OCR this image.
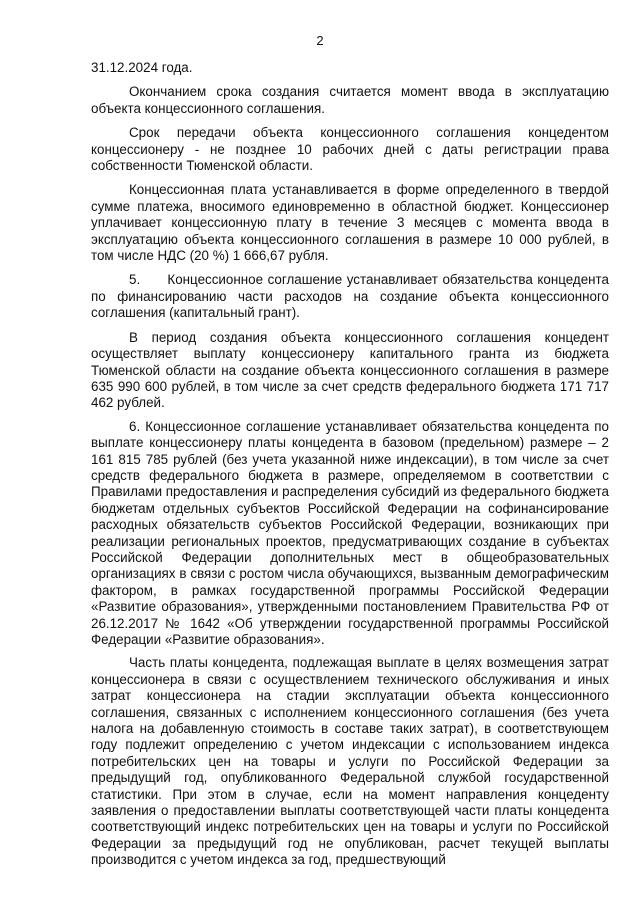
2

31.12.2024 года.

Окончанием срока создания считается момент ввода в эксплуатацию объекта концессионного соглашения.

Срок передачи объекта концессионного соглашения концедентом концессионеру - не позднее 10 рабочих дней с даты регистрации права собственности Тюменской области.

Концессионная плата устанавливается в форме определенного в твердой сумме платежа, вносимого единовременно в областной бюджет. Концессионер уплачивает концессионную плату в течение 3 месяцев с момента ввода в эксплуатацию объекта концессионного соглашения в размере 10 000 рублей, в том числе НДС (20 %) 1 666,67 рубля.

5.      Концессионное соглашение устанавливает обязательства концедента по финансированию части расходов на создание объекта концессионного соглашения (капитальный грант).

В период создания объекта концессионного соглашения концедент осуществляет выплату концессионеру капитального гранта из бюджета Тюменской области на создание объекта концессионного соглашения в размере 635 990 600 рублей, в том числе за счет средств федерального бюджета 171 717 462 рублей.

6. Концессионное соглашение устанавливает обязательства концедента по выплате концессионеру платы концедента в базовом (предельном) размере – 2 161 815 785 рублей (без учета указанной ниже индексации), в том числе за счет средств федерального бюджета в размере, определяемом в соответствии с Правилами предоставления и распределения субсидий из федерального бюджета бюджетам отдельных субъектов Российской Федерации на софинансирование расходных обязательств субъектов Российской Федерации, возникающих при реализации региональных проектов, предусматривающих создание в субъектах Российской Федерации дополнительных мест в общеобразовательных организациях в связи с ростом числа обучающихся, вызванным демографическим фактором, в рамках государственной программы Российской Федерации «Развитие образования», утвержденными постановлением Правительства РФ от 26.12.2017 № 1642 «Об утверждении государственной программы Российской Федерации «Развитие образования».

Часть платы концедента, подлежащая выплате в целях возмещения затрат концессионера в связи с осуществлением технического обслуживания и иных затрат концессионера на стадии эксплуатации объекта концессионного соглашения, связанных с исполнением концессионного соглашения (без учета налога на добавленную стоимость в составе таких затрат), в соответствующем году подлежит определению с учетом индексации с использованием индекса потребительских цен на товары и услуги по Российской Федерации за предыдущий год, опубликованного Федеральной службой государственной статистики. При этом в случае, если на момент направления концеденту заявления о предоставлении выплаты соответствующей части платы концедента соответствующий индекс потребительских цен на товары и услуги по Российской Федерации за предыдущий год не опубликован, расчет текущей выплаты производится с учетом индекса за год, предшествующий
